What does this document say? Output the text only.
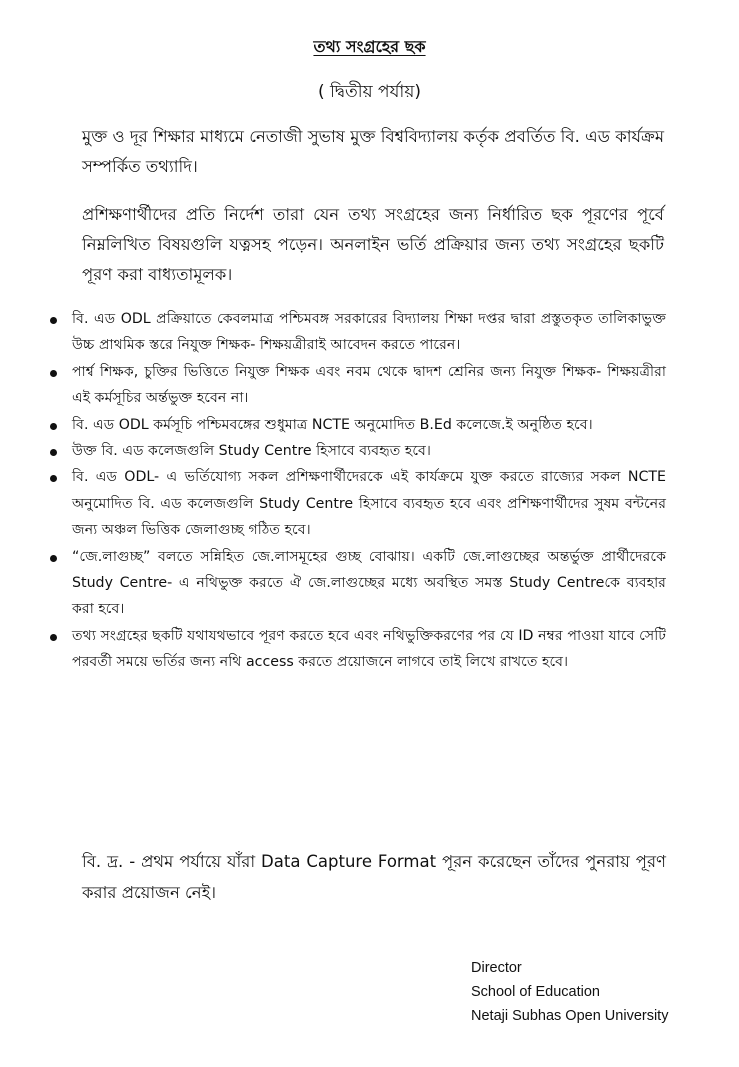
তথ্য সংগ্রহের ছক
( দ্বিতীয় পর্যায়)

মুক্ত ও দূর শিক্ষার মাধ্যমে নেতাজী সুভাষ মুক্ত বিশ্ববিদ্যালয় কর্তৃক প্রবর্তিত বি. এড কার্যক্রম সম্পর্কিত তথ্যাদি।

প্রশিক্ষণার্থীদের প্রতি নির্দেশ তারা যেন তথ্য সংগ্রহের জন্য নির্ধারিত ছক পূরণের পূর্বে নিম্নলিখিত বিষয়গুলি যত্নসহ পড়েন। অনলাইন ভর্তি প্রক্রিয়ার জন্য তথ্য সংগ্রহের ছকটি পূরণ করা বাধ্যতামূলক।

বি. এড ODL প্রক্রিয়াতে কেবলমাত্র পশ্চিমবঙ্গ সরকারের বিদ্যালয় শিক্ষা দপ্তর দ্বারা প্রস্তুতকৃত তালিকাভুক্ত উচ্চ প্রাথমিক স্তরে নিযুক্ত শিক্ষক- শিক্ষয়ত্রীরাই আবেদন করতে পারেন।
পার্শ্ব শিক্ষক, চুক্তির ভিত্তিতে নিযুক্ত শিক্ষক এবং নবম থেকে দ্বাদশ শ্রেনির জন্য নিযুক্ত শিক্ষক- শিক্ষয়ত্রীরা এই কর্মসূচির অর্ন্তভুক্ত হবেন না।
বি. এড ODL কর্মসূচি পশ্চিমবঙ্গের শুধুমাত্র NCTE অনুমোদিত B.Ed কলেজে.ই অনুষ্ঠিত হবে।
উক্ত বি. এড কলেজগুলি Study Centre হিসাবে ব্যবহৃত হবে।
বি. এড ODL- এ ভর্তিযোগ্য সকল প্রশিক্ষণার্থীদেরকে এই কার্যক্রমে যুক্ত করতে রাজ্যের সকল NCTE অনুমোদিত বি. এড কলেজগুলি Study Centre হিসাবে ব্যবহৃত হবে এবং প্রশিক্ষণার্থীদের সুষম বন্টনের জন্য অঞ্চল ভিত্তিক জেলাগুচ্ছ গঠিত হবে।
“জে.লাগুচ্ছ” বলতে সন্নিহিত জে.লাসমূহের গুচ্ছ বোঝায়। একটি জে.লাগুচ্ছের অন্তর্ভুক্ত প্রার্থীদেরকে Study Centre- এ নথিভুক্ত করতে ঐ জে.লাগুচ্ছের মধ্যে অবস্থিত সমস্ত Study Centreকে ব্যবহার করা হবে।
তথ্য সংগ্রহের ছকটি যথাযথভাবে পূরণ করতে হবে এবং নথিভুক্তিকরণের পর যে ID নম্বর পাওয়া যাবে সেটি পরবর্তী সময়ে ভর্তির জন্য নথি access করতে প্রয়োজনে লাগবে তাই লিখে রাখতে হবে।

বি. দ্র. - প্রথম পর্যায়ে যাঁরা Data Capture Format পূরন করেছেন তাঁদের পুনরায় পূরণ করার প্রয়োজন নেই।

Director
School of Education
Netaji Subhas Open University
